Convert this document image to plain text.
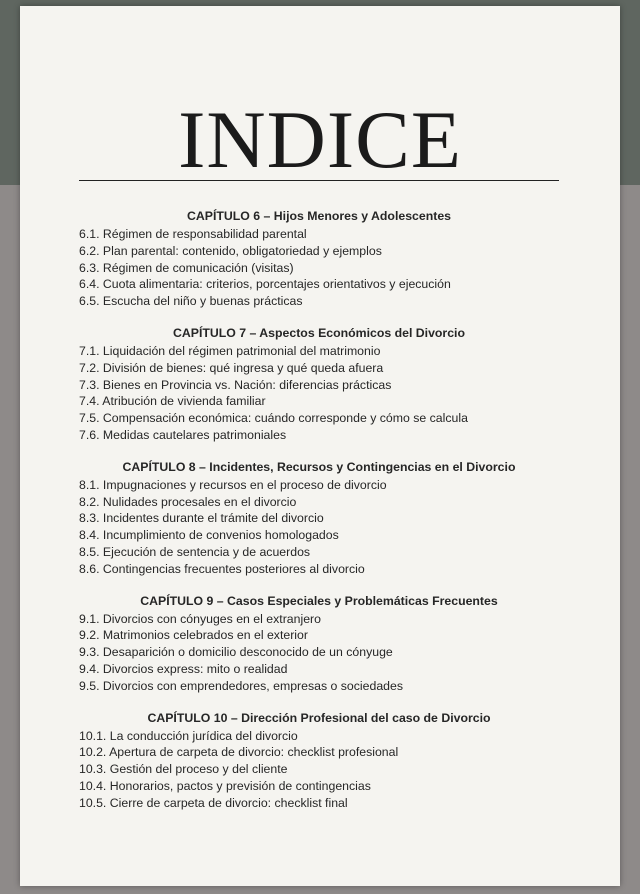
INDICE
CAPÍTULO 6 – Hijos Menores y Adolescentes
6.1. Régimen de responsabilidad parental
6.2. Plan parental: contenido, obligatoriedad y ejemplos
6.3. Régimen de comunicación (visitas)
6.4. Cuota alimentaria: criterios, porcentajes orientativos y ejecución
6.5. Escucha del niño y buenas prácticas
CAPÍTULO 7 – Aspectos Económicos del Divorcio
7.1. Liquidación del régimen patrimonial del matrimonio
7.2. División de bienes: qué ingresa y qué queda afuera
7.3. Bienes en Provincia vs. Nación: diferencias prácticas
7.4. Atribución de vivienda familiar
7.5. Compensación económica: cuándo corresponde y cómo se calcula
7.6. Medidas cautelares patrimoniales
CAPÍTULO 8 – Incidentes, Recursos y Contingencias en el Divorcio
8.1. Impugnaciones y recursos en el proceso de divorcio
8.2. Nulidades procesales en el divorcio
8.3. Incidentes durante el trámite del divorcio
8.4. Incumplimiento de convenios homologados
8.5. Ejecución de sentencia y de acuerdos
8.6. Contingencias frecuentes posteriores al divorcio
CAPÍTULO 9 – Casos Especiales y Problemáticas Frecuentes
9.1. Divorcios con cónyuges en el extranjero
9.2. Matrimonios celebrados en el exterior
9.3. Desaparición o domicilio desconocido de un cónyuge
9.4. Divorcios express: mito o realidad
9.5. Divorcios con emprendedores, empresas o sociedades
CAPÍTULO 10 – Dirección Profesional del caso de Divorcio
10.1. La conducción jurídica del divorcio
10.2. Apertura de carpeta de divorcio: checklist profesional
10.3. Gestión del proceso y del cliente
10.4. Honorarios, pactos y previsión de contingencias
10.5. Cierre de carpeta de divorcio: checklist final
